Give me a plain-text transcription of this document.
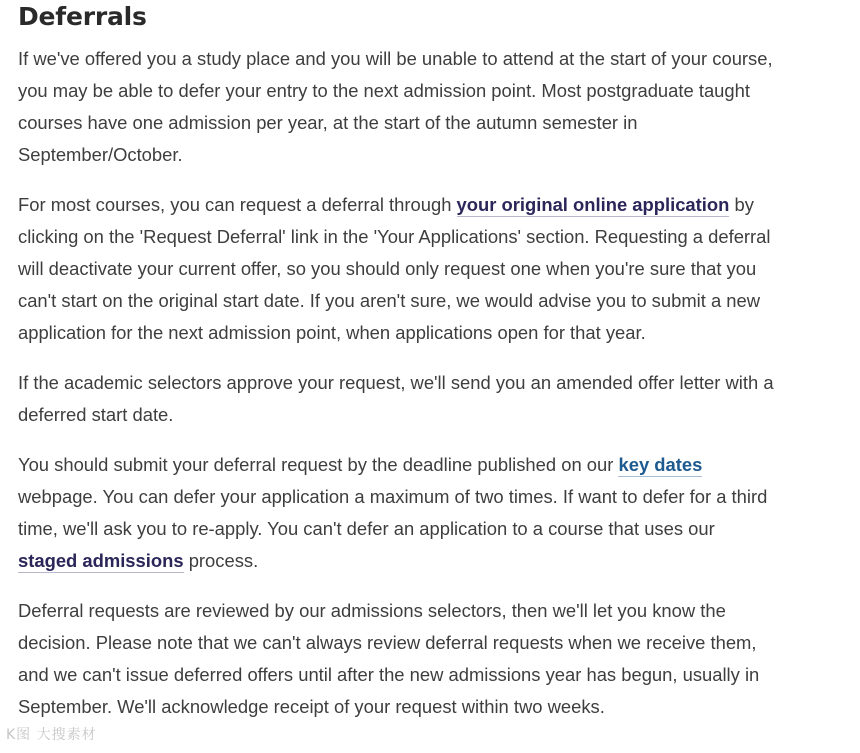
Deferrals

If we've offered you a study place and you will be unable to attend at the start of your course, you may be able to defer your entry to the next admission point. Most postgraduate taught courses have one admission per year, at the start of the autumn semester in September/October.

For most courses, you can request a deferral through your original online application by clicking on the 'Request Deferral' link in the 'Your Applications' section. Requesting a deferral will deactivate your current offer, so you should only request one when you're sure that you can't start on the original start date. If you aren't sure, we would advise you to submit a new application for the next admission point, when applications open for that year.

If the academic selectors approve your request, we'll send you an amended offer letter with a deferred start date.

You should submit your deferral request by the deadline published on our key dates webpage. You can defer your application a maximum of two times. If want to defer for a third time, we'll ask you to re-apply. You can't defer an application to a course that uses our staged admissions process.

Deferral requests are reviewed by our admissions selectors, then we'll let you know the decision. Please note that we can't always review deferral requests when we receive them, and we can't issue deferred offers until after the new admissions year has begun, usually in September. We'll acknowledge receipt of your request within two weeks.

K图 大搜素材
